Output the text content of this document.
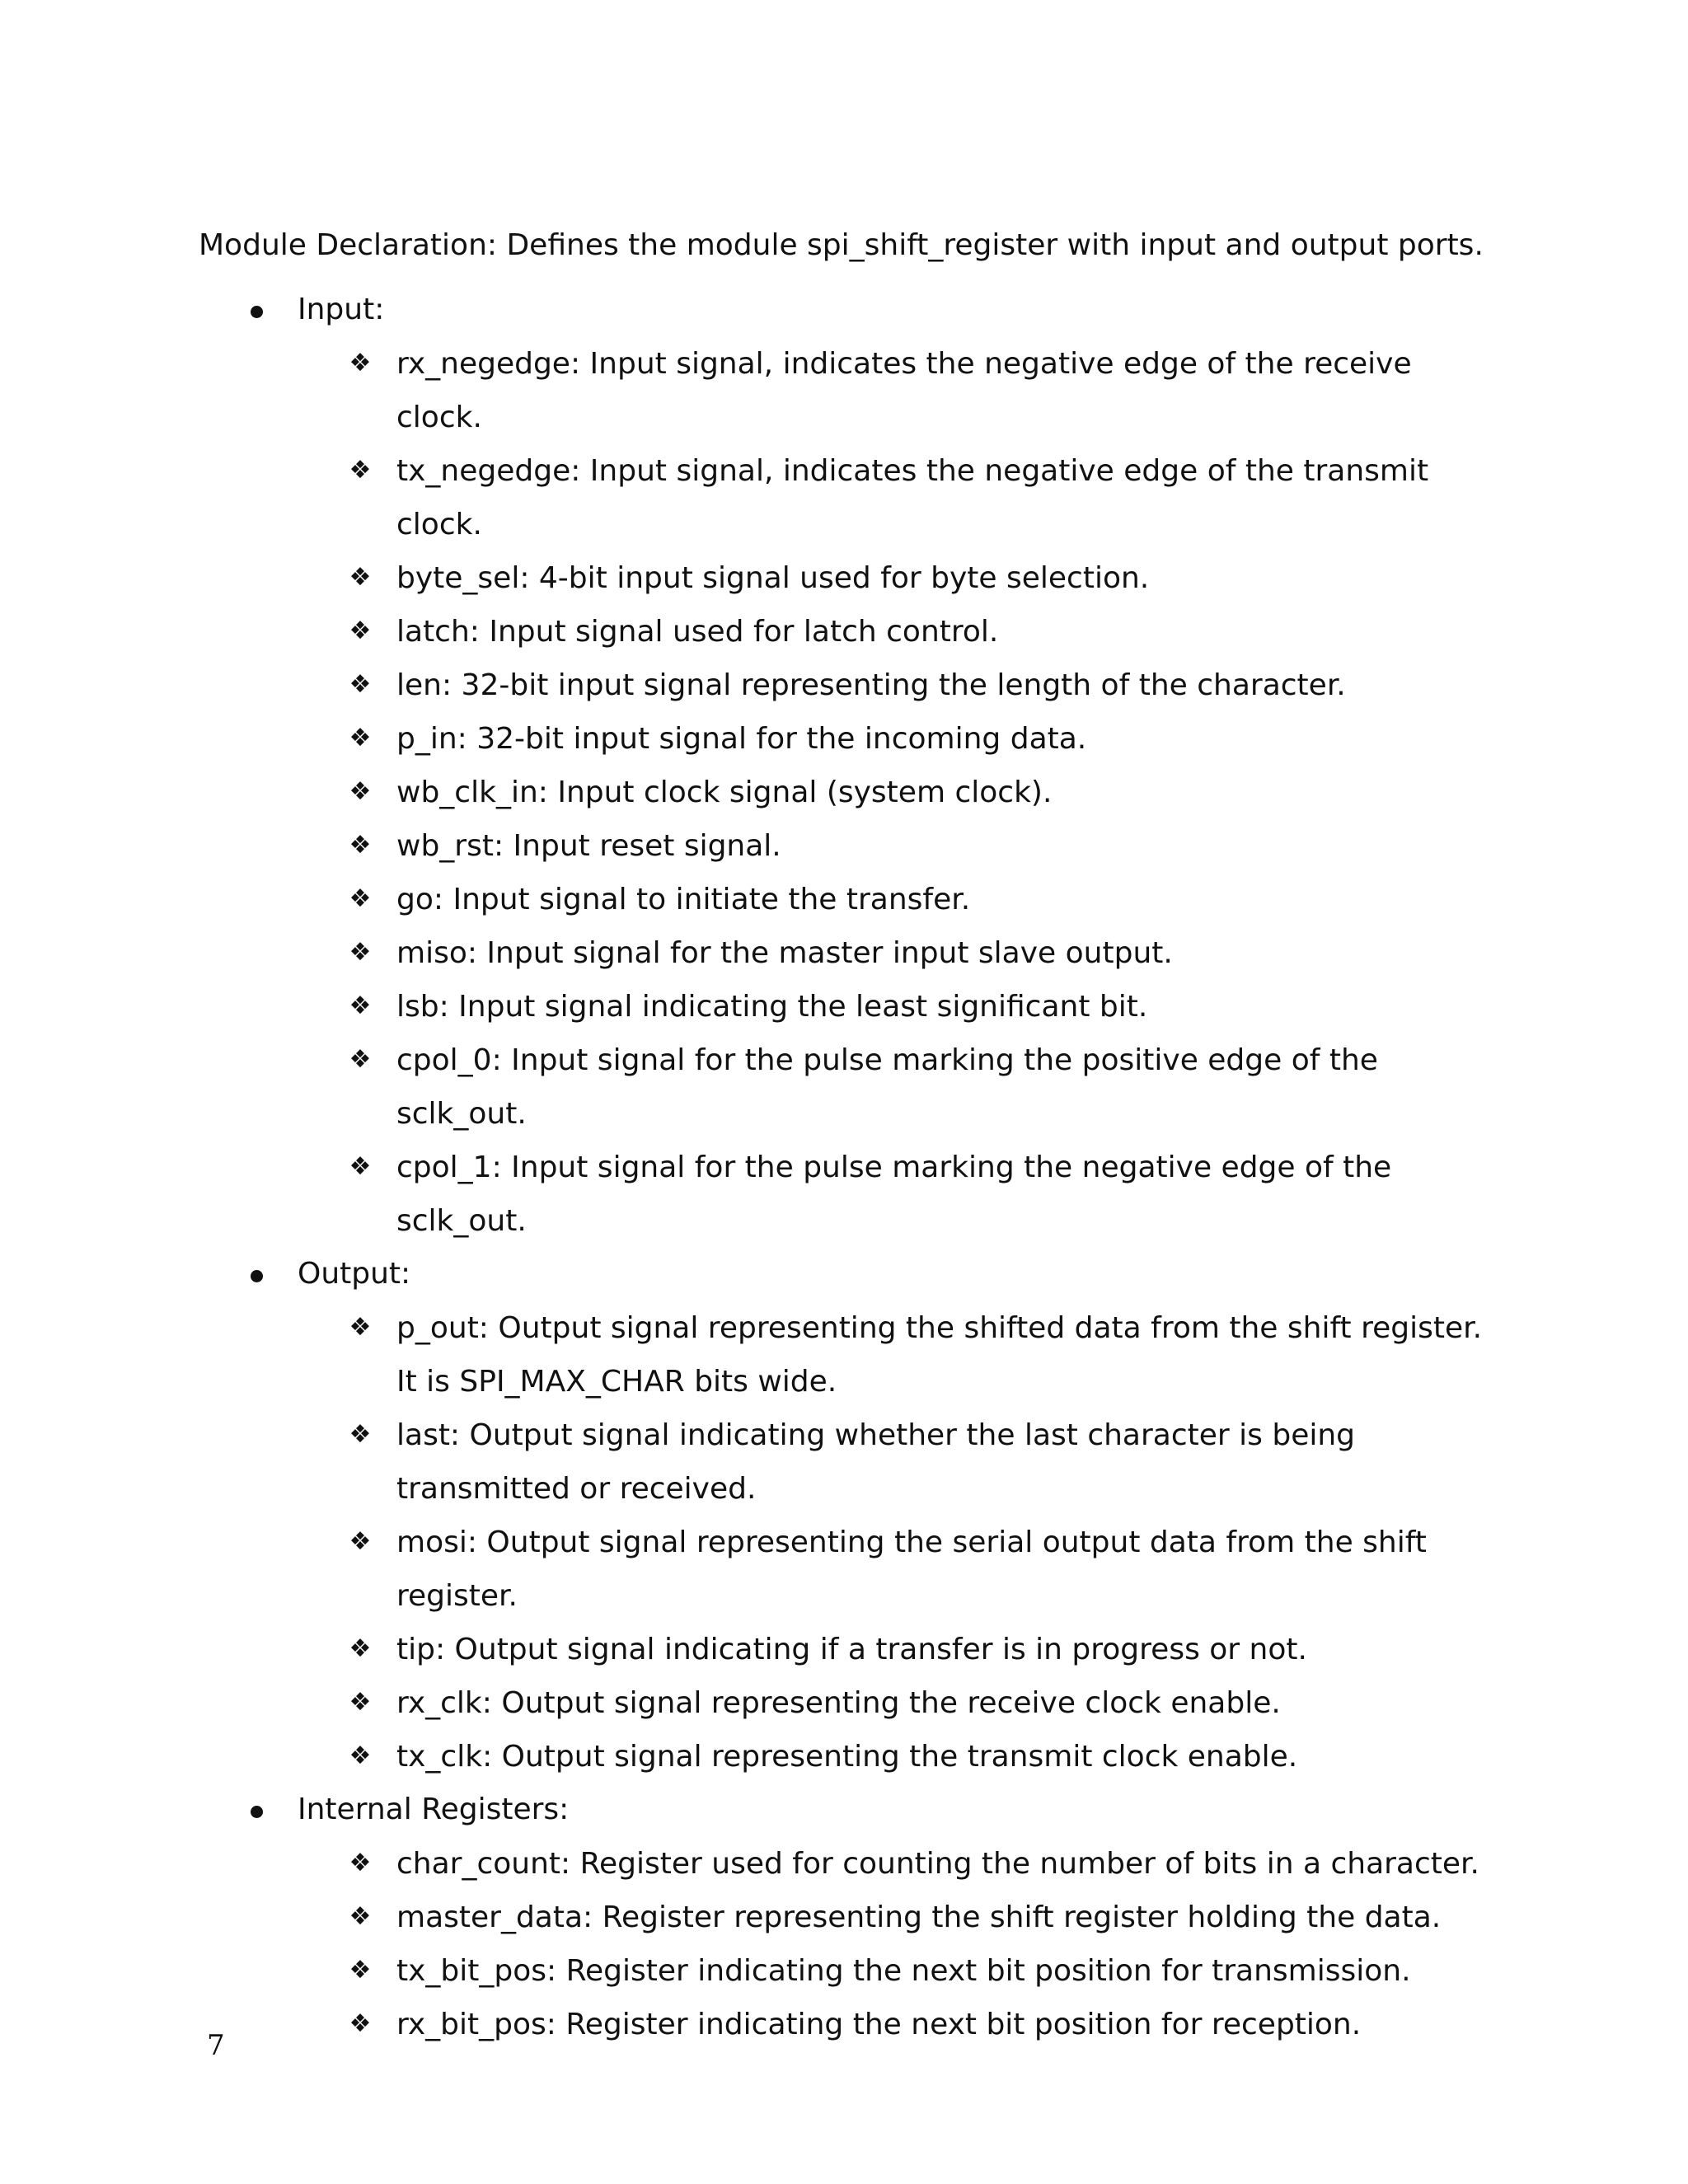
Module Declaration: Defines the module spi_shift_register with input and output ports.

Input:
❖ rx_negedge: Input signal, indicates the negative edge of the receive clock.
❖ tx_negedge: Input signal, indicates the negative edge of the transmit clock.
❖ byte_sel: 4-bit input signal used for byte selection.
❖ latch: Input signal used for latch control.
❖ len: 32-bit input signal representing the length of the character.
❖ p_in: 32-bit input signal for the incoming data.
❖ wb_clk_in: Input clock signal (system clock).
❖ wb_rst: Input reset signal.
❖ go: Input signal to initiate the transfer.
❖ miso: Input signal for the master input slave output.
❖ lsb: Input signal indicating the least significant bit.
❖ cpol_0: Input signal for the pulse marking the positive edge of the sclk_out.
❖ cpol_1: Input signal for the pulse marking the negative edge of the sclk_out.
Output:
❖ p_out: Output signal representing the shifted data from the shift register. It is SPI_MAX_CHAR bits wide.
❖ last: Output signal indicating whether the last character is being transmitted or received.
❖ mosi: Output signal representing the serial output data from the shift register.
❖ tip: Output signal indicating if a transfer is in progress or not.
❖ rx_clk: Output signal representing the receive clock enable.
❖ tx_clk: Output signal representing the transmit clock enable.
Internal Registers:
❖ char_count: Register used for counting the number of bits in a character.
❖ master_data: Register representing the shift register holding the data.
❖ tx_bit_pos: Register indicating the next bit position for transmission.
❖ rx_bit_pos: Register indicating the next bit position for reception.
7
